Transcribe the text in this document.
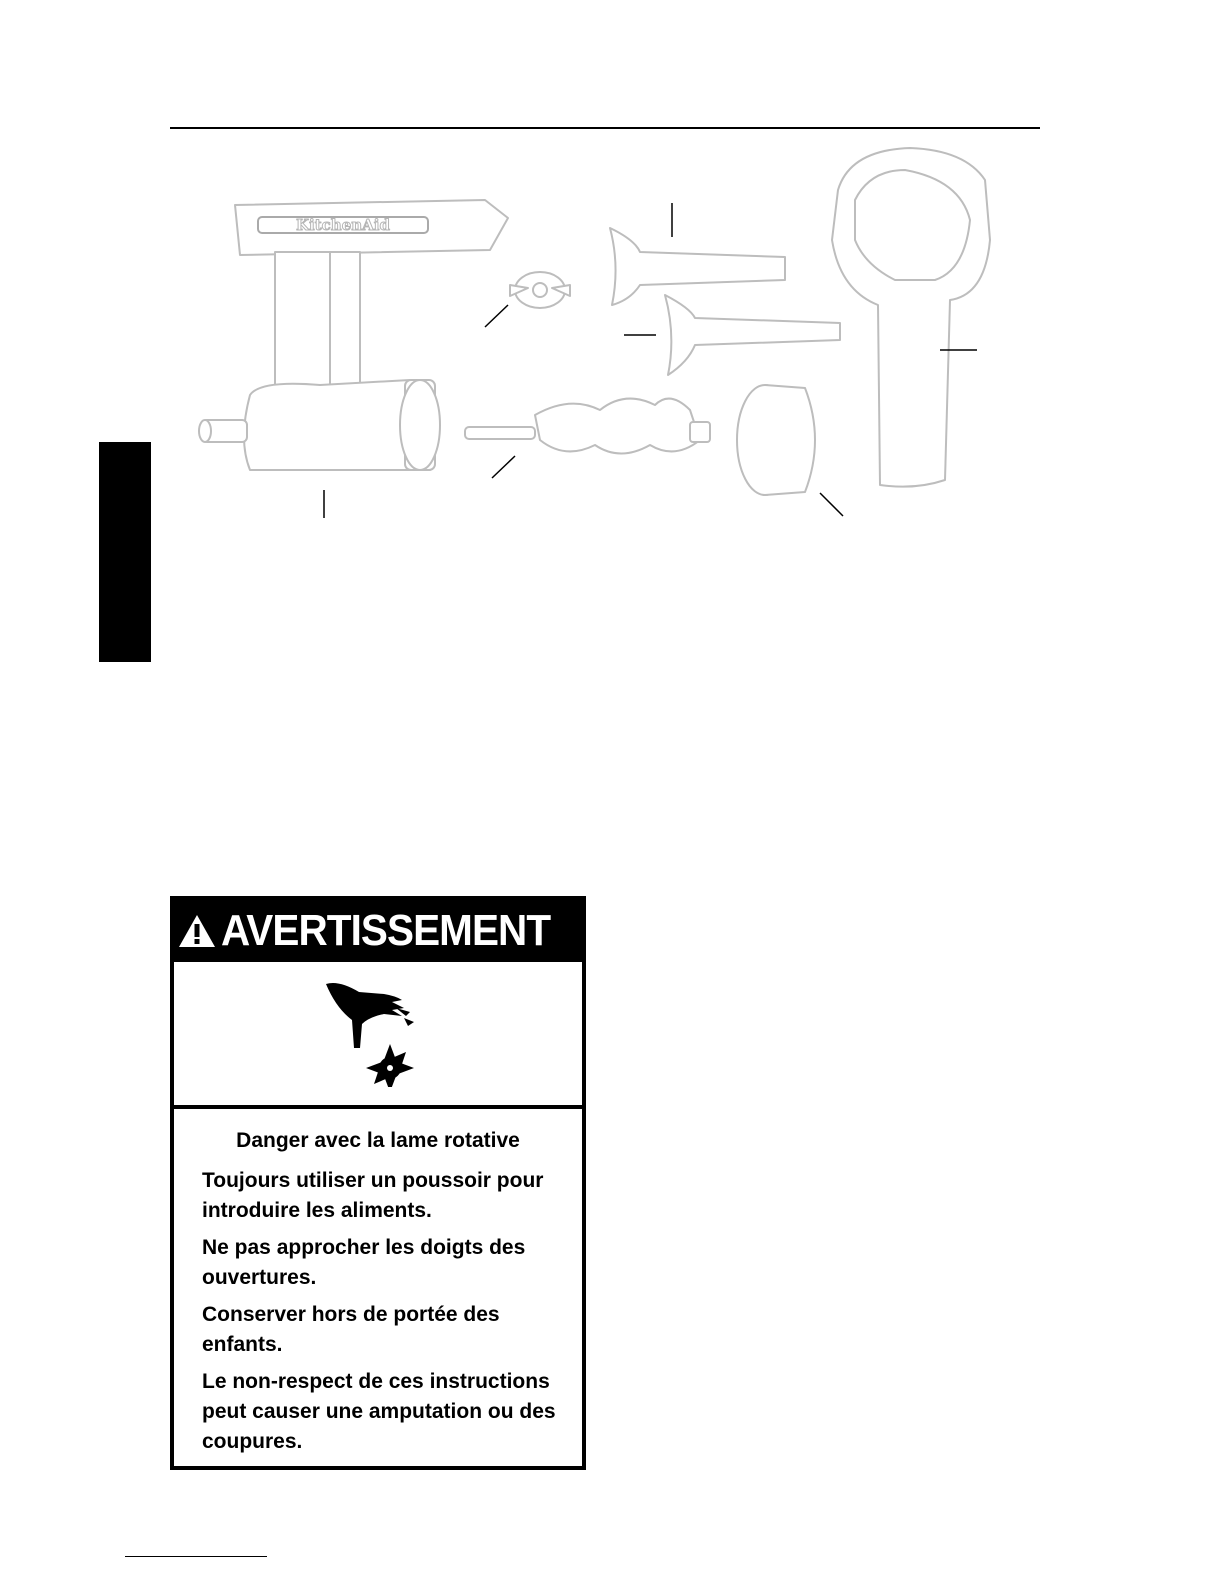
KitchenAid
AVERTISSEMENT

Danger avec la lame rotative

Toujours utiliser un poussoir pour introduire les aliments.

Ne pas approcher les doigts des ouvertures.

Conserver hors de portée des enfants.

Le non-respect de ces instructions peut causer une amputation ou des coupures.
